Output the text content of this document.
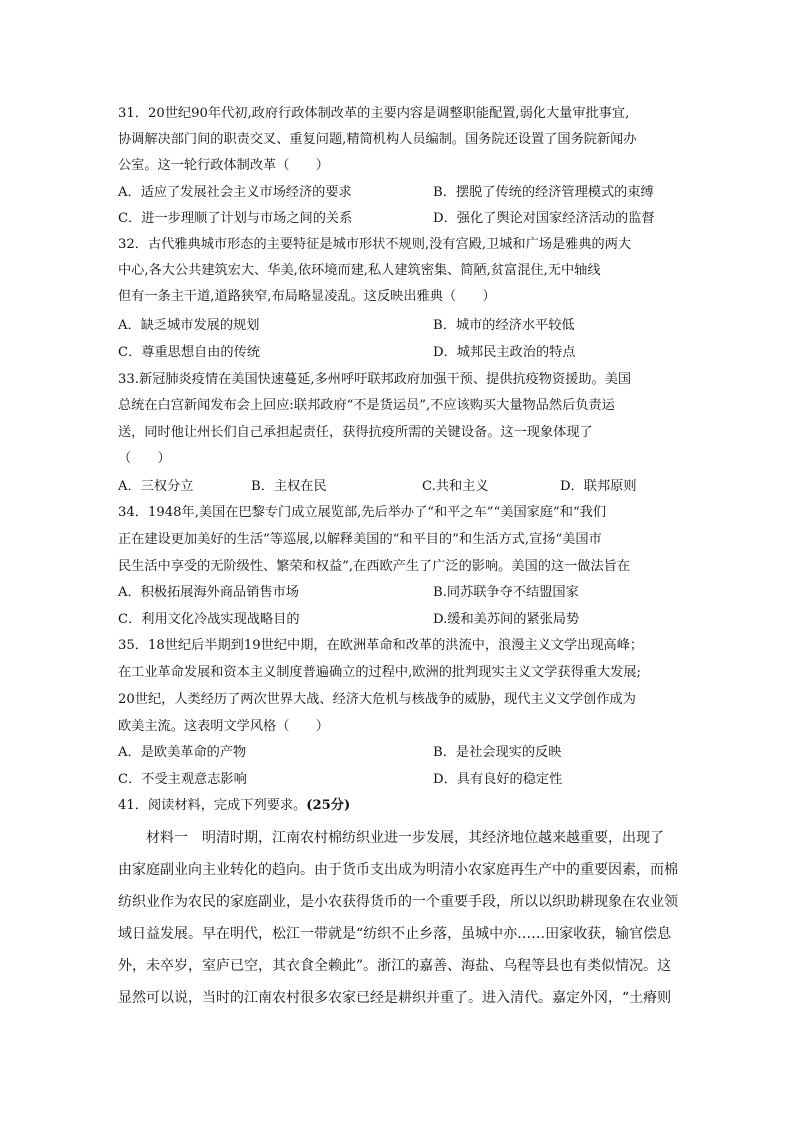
31．20世纪90年代初,政府行政体制改革的主要内容是调整职能配置,弱化大量审批事宜,
协调解决部门间的职责交叉、重复问题,精简机构人员编制。国务院还设置了国务院新闻办
公室。这一轮行政体制改革（　　）
A．适应了发展社会主义市场经济的要求	B．摆脱了传统的经济管理模式的束缚
C．进一步理顺了计划与市场之间的关系	D．强化了舆论对国家经济活动的监督
32．古代雅典城市形态的主要特征是城市形状不规则,没有宫殿,卫城和广场是雅典的两大
中心,各大公共建筑宏大、华美,依环境而建,私人建筑密集、简陋,贫富混住,无中轴线
但有一条主干道,道路狭窄,布局略显凌乱。这反映出雅典（　　）
A．缺乏城市发展的规划	B．城市的经济水平较低
C．尊重思想自由的传统	D．城邦民主政治的特点
33.新冠肺炎疫情在美国快速蔓延,多州呼吁联邦政府加强干预、提供抗疫物资援助。美国
总统在白宫新闻发布会上回应:联邦政府“不是货运员”,不应该购买大量物品然后负责运
送，同时他让州长们自己承担起责任，获得抗疫所需的关键设备。这一现象体现了
（　　）
A．三权分立	B．主权在民	C.共和主义	D．联邦原则
34．1948年,美国在巴黎专门成立展览部,先后举办了“和平之车”“美国家庭”和“我们
正在建设更加美好的生活”等巡展,以解释美国的“和平目的”和生活方式,宣扬“美国市
民生活中享受的无阶级性、繁荣和权益”,在西欧产生了广泛的影响。美国的这一做法旨在
A．积极拓展海外商品销售市场	B.同苏联争夺不结盟国家
C．利用文化冷战实现战略目的	D.缓和美苏间的紧张局势
35．18世纪后半期到19世纪中期，在欧洲革命和改革的洪流中，浪漫主义文学出现高峰；
在工业革命发展和资本主义制度普遍确立的过程中,欧洲的批判现实主义文学获得重大发展;
20世纪，人类经历了两次世界大战、经济大危机与核战争的威胁，现代主义文学创作成为
欧美主流。这表明文学风格（　　）
A．是欧美革命的产物	B．是社会现实的反映
C．不受主观意志影响	D．具有良好的稳定性
41．阅读材料，完成下列要求。(25分)
　　材料一　明清时期，江南农村棉纺织业进一步发展，其经济地位越来越重要，出现了
由家庭副业向主业转化的趋向。由于货币支出成为明清小农家庭再生产中的重要因素，而棉
纺织业作为农民的家庭副业，是小农获得货币的一个重要手段，所以以织助耕现象在农业领
域日益发展。早在明代，松江一带就是“纺织不止乡落，虽城中亦……田家收获，输官偿息
外，未卒岁，室庐已空，其衣食全赖此”。浙江的嘉善、海盐、乌程等县也有类似情况。这
显然可以说，当时的江南农村很多农家已经是耕织并重了。进入清代。嘉定外冈，“土瘠则
